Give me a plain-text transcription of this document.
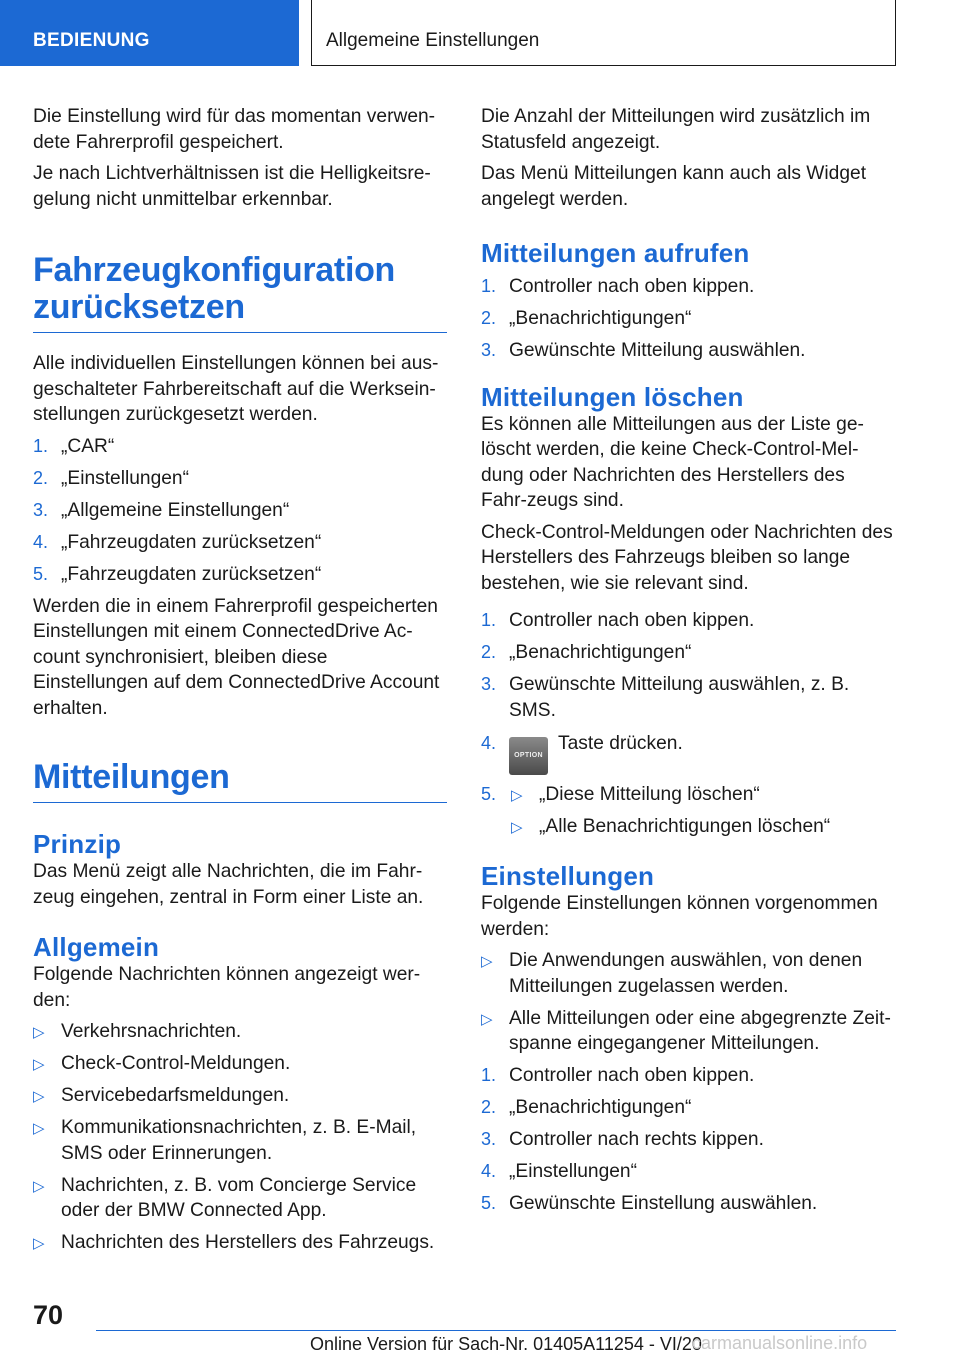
BEDIENUNG	Allgemeine Einstellungen

Die Einstellung wird für das momentan verwen-dete Fahrerprofil gespeichert.

Je nach Lichtverhältnissen ist die Helligkeitsre-gelung nicht unmittelbar erkennbar.

Fahrzeugkonfiguration
zurücksetzen

Alle individuellen Einstellungen können bei aus-geschalteter Fahrbereitschaft auf die Werksein-stellungen zurückgesetzt werden.

1. „CAR“
2. „Einstellungen“
3. „Allgemeine Einstellungen“
4. „Fahrzeugdaten zurücksetzen“
5. „Fahrzeugdaten zurücksetzen“

Werden die in einem Fahrerprofil gespeicherten Einstellungen mit einem ConnectedDrive Ac-count synchronisiert, bleiben diese Einstellungen auf dem ConnectedDrive Account erhalten.

Mitteilungen
Prinzip

Das Menü zeigt alle Nachrichten, die im Fahr-zeug eingehen, zentral in Form einer Liste an.

Allgemein

Folgende Nachrichten können angezeigt wer-den:

▷ Verkehrsnachrichten.
▷ Check-Control-Meldungen.
▷ Servicebedarfsmeldungen.
▷ Kommunikationsnachrichten, z. B. E-Mail, SMS oder Erinnerungen.
▷ Nachrichten, z. B. vom Concierge Service oder der BMW Connected App.
▷ Nachrichten des Herstellers des Fahrzeugs.

Die Anzahl der Mitteilungen wird zusätzlich im Statusfeld angezeigt.

Das Menü Mitteilungen kann auch als Widget angelegt werden.

Mitteilungen aufrufen
1. Controller nach oben kippen.
2. „Benachrichtigungen“
3. Gewünschte Mitteilung auswählen.
Mitteilungen löschen

Es können alle Mitteilungen aus der Liste ge-löscht werden, die keine Check-Control-Mel-dung oder Nachrichten des Herstellers des Fahr-zeugs sind.

Check-Control-Meldungen oder Nachrichten des Herstellers des Fahrzeugs bleiben so lange bestehen, wie sie relevant sind.

1. Controller nach oben kippen.
2. „Benachrichtigungen“
3. Gewünschte Mitteilung auswählen, z. B. SMS.
4.
OPTIONTaste drücken.
5. ▷ „Diese Mitteilung löschen“
▷ „Alle Benachrichtigungen löschen“
Einstellungen

Folgende Einstellungen können vorgenommen werden:

▷ Die Anwendungen auswählen, von denen Mitteilungen zugelassen werden.
▷ Alle Mitteilungen oder eine abgegrenzte Zeit-spanne eingegangener Mitteilungen.
1. Controller nach oben kippen.
2. „Benachrichtigungen“
3. Controller nach rechts kippen.
4. „Einstellungen“
5. Gewünschte Einstellung auswählen.
70
Online Version für Sach-Nr. 01405A11254 - VI/20
carmanualsonline.info
